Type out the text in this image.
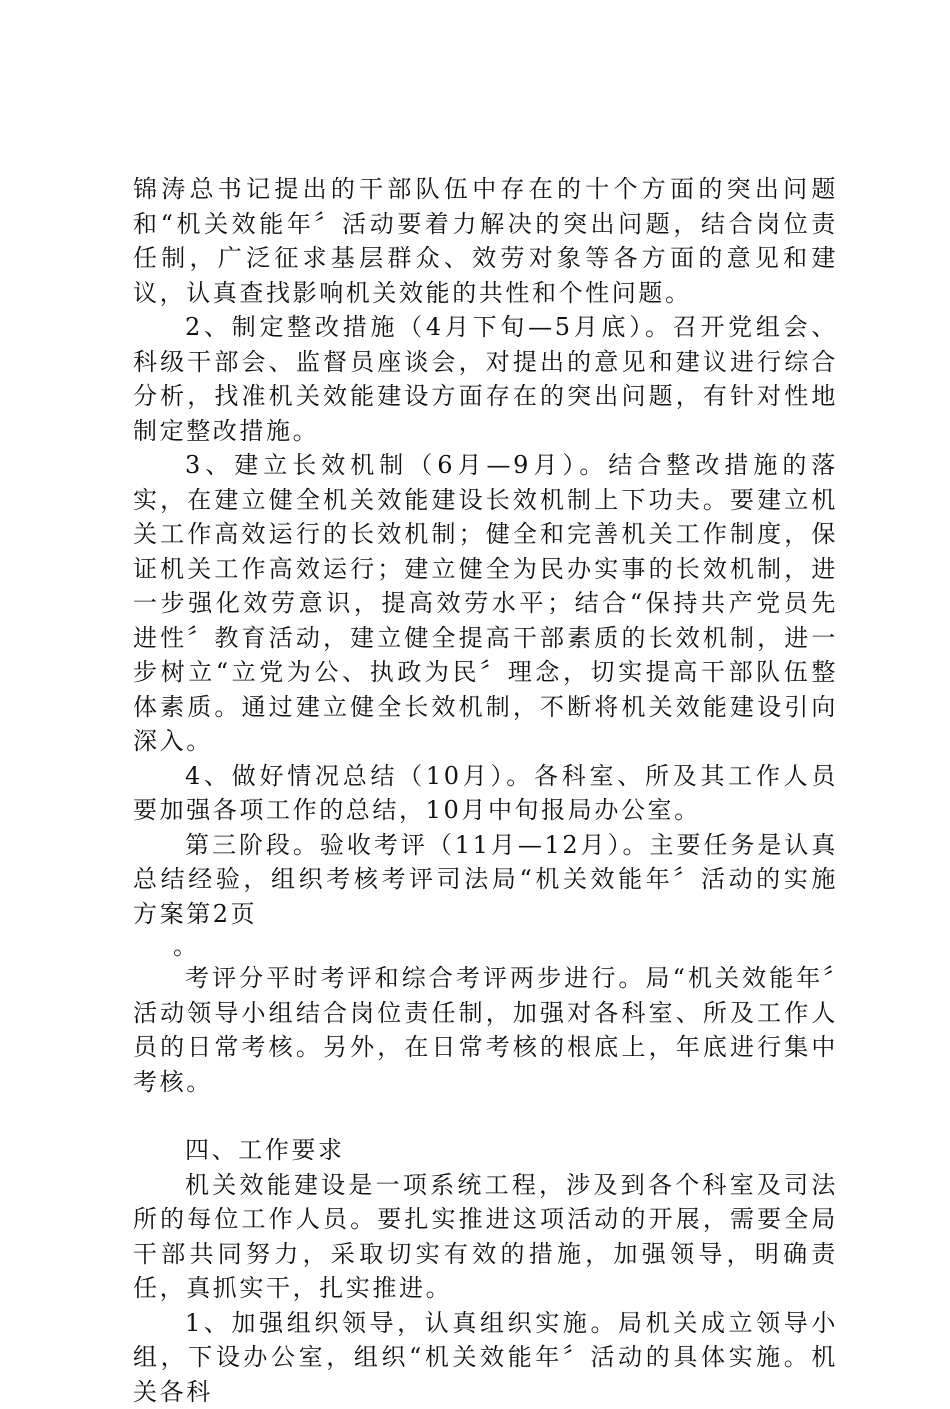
锦涛总书记提出的干部队伍中存在的十个方面的突出问题和“机关效能年〞活动要着力解决的突出问题，结合岗位责任制，广泛征求基层群众、效劳对象等各方面的意见和建议，认真查找影响机关效能的共性和个性问题。

2、制定整改措施（4月下旬—5月底）。召开党组会、科级干部会、监督员座谈会，对提出的意见和建议进行综合分析，找准机关效能建设方面存在的突出问题，有针对性地制定整改措施。

3、建立长效机制（6月—9月）。结合整改措施的落实，在建立健全机关效能建设长效机制上下功夫。要建立机关工作高效运行的长效机制；健全和完善机关工作制度，保证机关工作高效运行；建立健全为民办实事的长效机制，进一步强化效劳意识，提高效劳水平；结合“保持共产党员先进性〞教育活动，建立健全提高干部素质的长效机制，进一步树立“立党为公、执政为民〞理念，切实提高干部队伍整体素质。通过建立健全长效机制，不断将机关效能建设引向深入。

4、做好情况总结（10月）。各科室、所及其工作人员要加强各项工作的总结，10月中旬报局办公室。

第三阶段。验收考评（11月—12月）。主要任务是认真总结经验，组织考核考评司法局“机关效能年〞活动的实施方案第2页

。

考评分平时考评和综合考评两步进行。局“机关效能年〞活动领导小组结合岗位责任制，加强对各科室、所及工作人员的日常考核。另外，在日常考核的根底上，年底进行集中考核。

四、工作要求

机关效能建设是一项系统工程，涉及到各个科室及司法所的每位工作人员。要扎实推进这项活动的开展，需要全局干部共同努力，采取切实有效的措施，加强领导，明确责任，真抓实干，扎实推进。

1、加强组织领导，认真组织实施。局机关成立领导小组，下设办公室，组织“机关效能年〞活动的具体实施。机关各科
